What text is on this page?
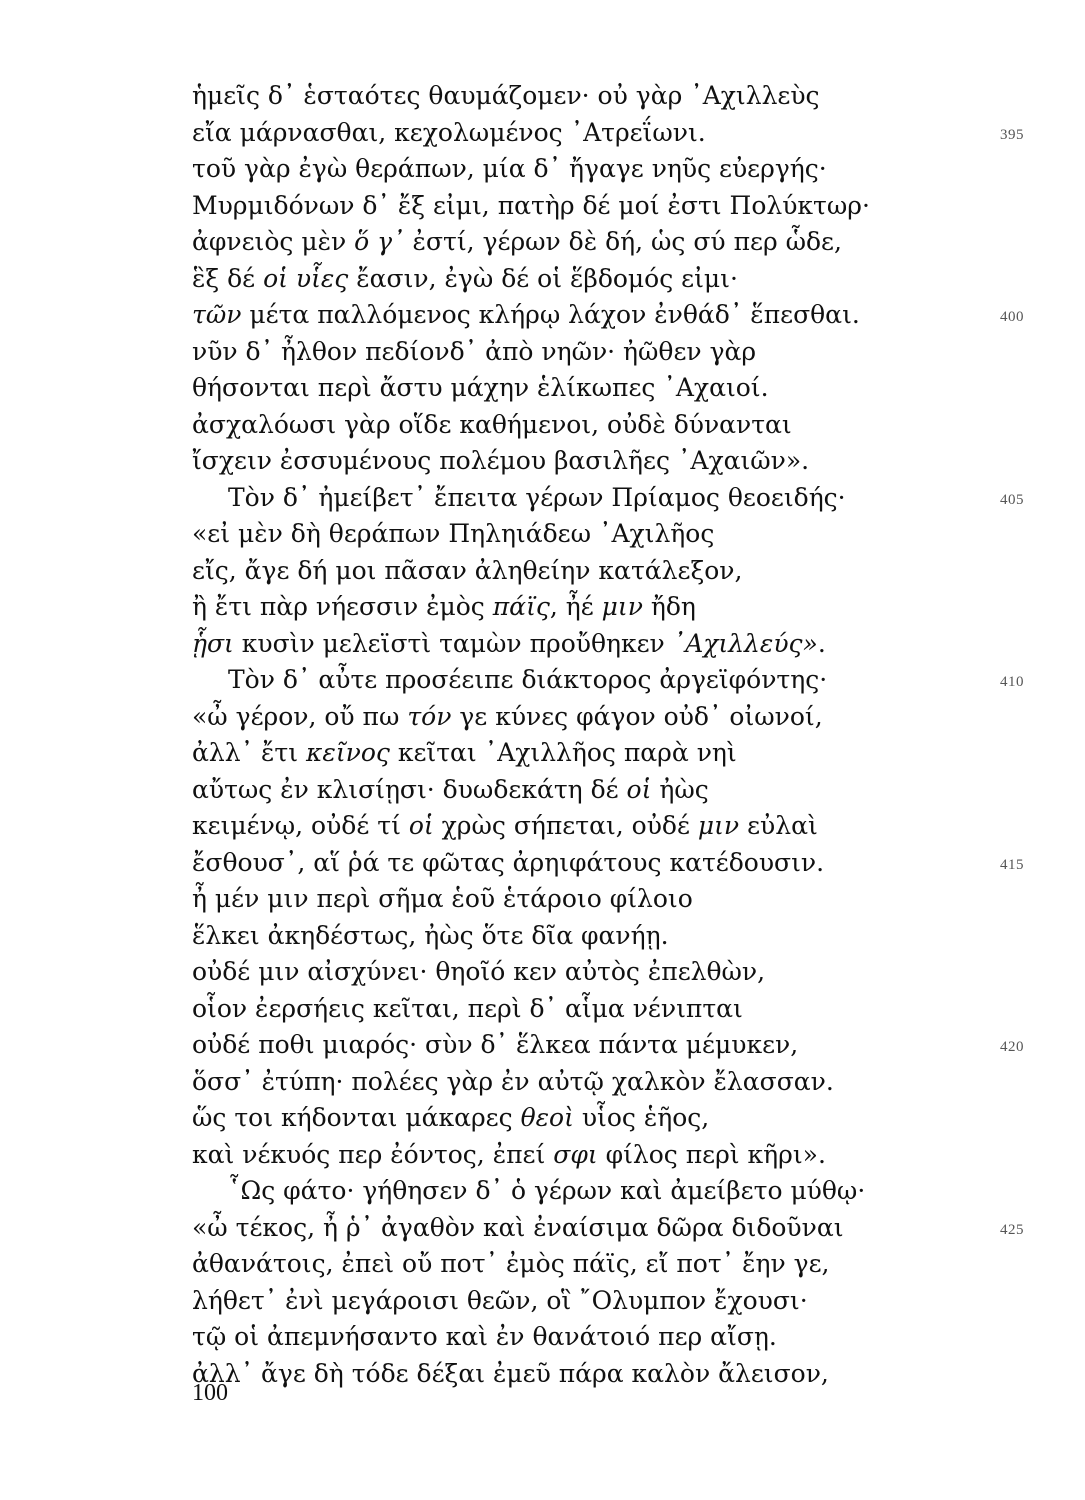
ἡμεῖς δ᾽ ἑσταότες θαυμάζομεν· οὐ γὰρ ᾽Αχιλλεὺς
εἴα μάρνασθαι, κεχολωμένος ᾽Ατρεΐωνι.	395
τοῦ γὰρ ἐγὼ θεράπων, μία δ᾽ ἤγαγε νηῦς εὐεργής·
Μυρμιδόνων δ᾽ ἔξ εἰμι, πατὴρ δέ μοί ἐστι Πολύκτωρ·
ἀφνειὸς μὲν ὅ γ᾽ ἐστί, γέρων δὲ δή, ὡς σύ περ ὧδε,
ἓξ δέ οἱ υἷες ἔασιν, ἐγὼ δέ οἱ ἕβδομός εἰμι·
τῶν μέτα παλλόμενος κλήρῳ λάχον ἐνθάδ᾽ ἕπεσθαι.	400
νῦν δ᾽ ἦλθον πεδίονδ᾽ ἀπὸ νηῶν· ἠῶθεν γὰρ
θήσονται περὶ ἄστυ μάχην ἑλίκωπες ᾽Αχαιοί.
ἀσχαλόωσι γὰρ οἵδε καθήμενοι, οὐδὲ δύνανται
ἴσχειν ἐσσυμένους πολέμου βασιλῆες ᾽Αχαιῶν».
Τὸν δ᾽ ἠμείβετ᾽ ἔπειτα γέρων Πρίαμος θεοειδής·	405
«εἰ μὲν δὴ θεράπων Πηληιάδεω ᾽Αχιλῆος
εἴς, ἄγε δή μοι πᾶσαν ἀληθείην κατάλεξον,
ἢ ἔτι πὰρ νήεσσιν ἐμὸς πάϊς, ἦέ μιν ἤδη
ᾗσι κυσὶν μελεϊστὶ ταμὼν προὔθηκεν ᾽Αχιλλεύς».
Τὸν δ᾽ αὖτε προσέειπε διάκτορος ἀργεϊφόντης·	410
«ὦ γέρον, οὔ πω τόν γε κύνες φάγον οὐδ᾽ οἰωνοί,
ἀλλ᾽ ἔτι κεῖνος κεῖται ᾽Αχιλλῆος παρὰ νηὶ
αὔτως ἐν κλισίῃσι· δυωδεκάτη δέ οἱ ἠὼς
κειμένῳ, οὐδέ τί οἱ χρὼς σήπεται, οὐδέ μιν εὐλαὶ
ἔσθουσ᾽, αἵ ῥά τε φῶτας ἀρηιφάτους κατέδουσιν.	415
ἦ μέν μιν περὶ σῆμα ἑοῦ ἑτάροιο φίλοιο
ἕλκει ἀκηδέστως, ἠὼς ὅτε δῖα φανήῃ.
οὐδέ μιν αἰσχύνει· θηοῖό κεν αὐτὸς ἐπελθὼν,
οἷον ἐερσήεις κεῖται, περὶ δ᾽ αἷμα νένιπται
οὐδέ ποθι μιαρός· σὺν δ᾽ ἕλκεα πάντα μέμυκεν,	420
ὅσσ᾽ ἐτύπη· πολέες γὰρ ἐν αὐτῷ χαλκὸν ἔλασσαν.
ὥς τοι κήδονται μάκαρες θεοὶ υἷος ἑῆος,
καὶ νέκυός περ ἐόντος, ἐπεί σφι φίλος περὶ κῆρι».
῟Ως φάτο· γήθησεν δ᾽ ὁ γέρων καὶ ἀμείβετο μύθῳ·
«ὦ τέκος, ἦ ῥ᾽ ἀγαθὸν καὶ ἐναίσιμα δῶρα διδοῦναι	425
ἀθανάτοις, ἐπεὶ οὔ ποτ᾽ ἐμὸς πάϊς, εἴ ποτ᾽ ἔην γε,
λήθετ᾽ ἐνὶ μεγάροισι θεῶν, οἳ ῎Ολυμπον ἔχουσι·
τῷ οἱ ἀπεμνήσαντο καὶ ἐν θανάτοιό περ αἴσῃ.
ἀλλ᾽ ἄγε δὴ τόδε δέξαι ἐμεῦ πάρα καλὸν ἄλεισον,
100
